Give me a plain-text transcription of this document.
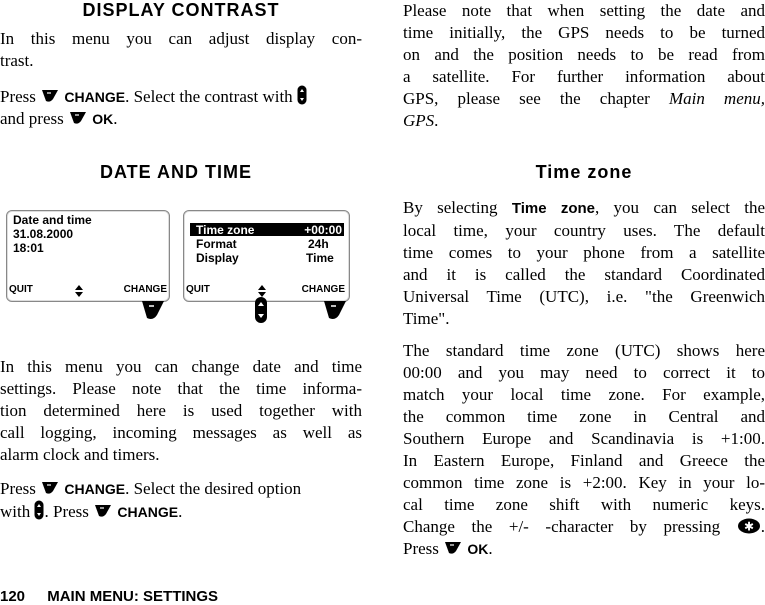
DISPLAY CONTRAST
In this menu you can adjust display con-
trast.
Press CHANGE. Select the contrast with
and press OK.
DATE AND TIME
Date and time
31.08.2000
18:01
QUIT	CHANGE
Time zone	+00:00
Format	24h
Display	Time
QUIT	CHANGE
In this menu you can change date and time
settings. Please note that the time informa-
tion determined here is used together with
call logging, incoming messages as well as
alarm clock and timers.
Press CHANGE. Select the desired option
with . Press CHANGE.
120 MAIN MENU: SETTINGS
Please note that when setting the date and
time initially, the GPS needs to be turned
on and the position needs to be read from
a satellite. For further information about
GPS, please see the chapter Main menu,
GPS.
Time zone
By selecting Time zone, you can select the
local time, your country uses. The default
time comes to your phone from a satellite
and it is called the standard Coordinated
Universal Time (UTC), i.e. "the Greenwich
Time".
The standard time zone (UTC) shows here
00:00 and you may need to correct it to
match your local time zone. For example,
the common time zone in Central and
Southern Europe and Scandinavia is +1:00.
In Eastern Europe, Finland and Greece the
common time zone is +2:00. Key in your lo-
cal time zone shift with numeric keys.
Change the +/- -character by pressing ✱ .
Press OK.
